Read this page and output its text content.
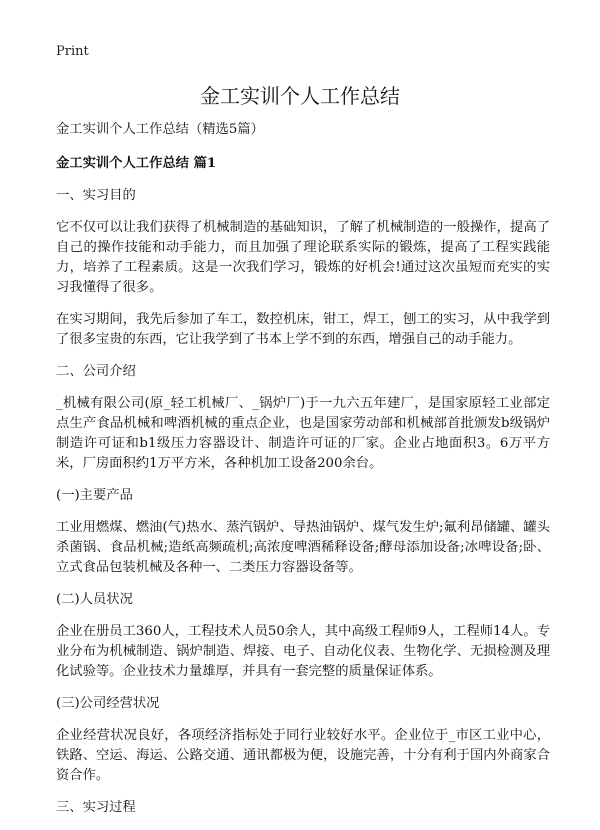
Print
金工实训个人工作总结

金工实训个人工作总结（精选5篇）

金工实训个人工作总结 篇1

一、实习目的

它不仅可以让我们获得了机械制造的基础知识，了解了机械制造的一般操作，提高了自己的操作技能和动手能力，而且加强了理论联系实际的锻炼，提高了工程实践能力，培养了工程素质。这是一次我们学习，锻炼的好机会!通过这次虽短而充实的实习我懂得了很多。

在实习期间，我先后参加了车工，数控机床，钳工，焊工，刨工的实习，从中我学到了很多宝贵的东西，它让我学到了书本上学不到的东西，增强自己的动手能力。

二、公司介绍

_机械有限公司(原_轻工机械厂、_锅炉厂)于一九六五年建厂，是国家原轻工业部定点生产食品机械和啤酒机械的重点企业，也是国家劳动部和机械部首批颁发b级锅炉制造许可证和b1级压力容器设计、制造许可证的厂家。企业占地面积3。6万平方米，厂房面积约1万平方米，各种机加工设备200余台。

(一)主要产品

工业用燃煤、燃油(气)热水、蒸汽锅炉、导热油锅炉、煤气发生炉;氟利昂储罐、罐头杀菌锅、食品机械;造纸高频疏机;高浓度啤酒稀释设备;酵母添加设备;冰啤设备;卧、立式食品包装机械及各种一、二类压力容器设备等。

(二)人员状况

企业在册员工360人，工程技术人员50余人，其中高级工程师9人，工程师14人。专业分布为机械制造、锅炉制造、焊接、电子、自动化仪表、生物化学、无损检测及理化试验等。企业技术力量雄厚，并具有一套完整的质量保证体系。

(三)公司经营状况

企业经营状况良好，各项经济指标处于同行业较好水平。企业位于_市区工业中心，铁路、空运、海运、公路交通、通讯都极为便，设施完善，十分有利于国内外商家合资合作。

三、实习过程
